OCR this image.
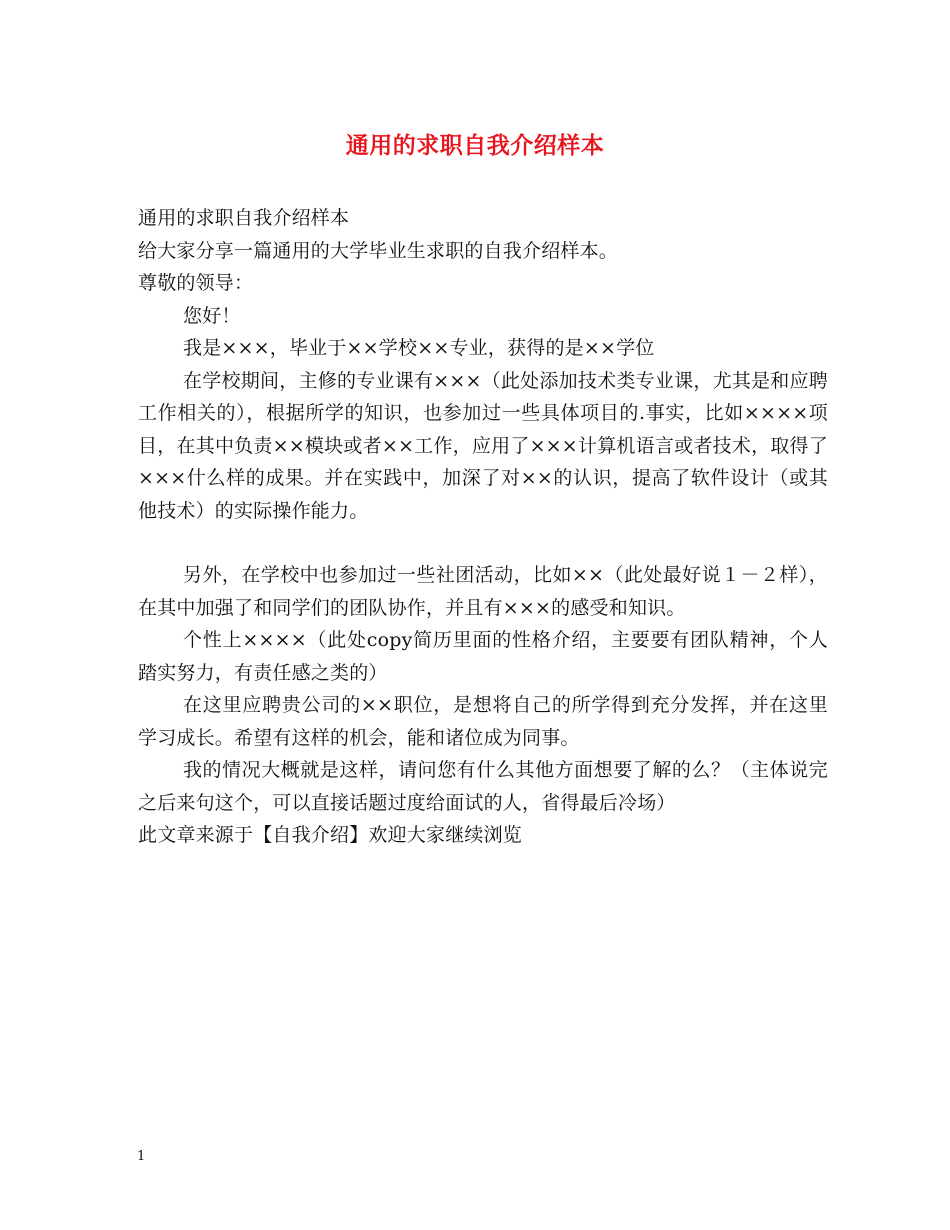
通用的求职自我介绍样本

通用的求职自我介绍样本

给大家分享一篇通用的大学毕业生求职的自我介绍样本。

尊敬的领导：

您好！

我是×××，毕业于××学校××专业，获得的是××学位

在学校期间，主修的专业课有×××（此处添加技术类专业课，尤其是和应聘工作相关的），根据所学的知识，也参加过一些具体项目的.事实，比如××××项目，在其中负责××模块或者××工作，应用了×××计算机语言或者技术，取得了×××什么样的成果。并在实践中，加深了对××的认识，提高了软件设计（或其他技术）的实际操作能力。

另外，在学校中也参加过一些社团活动，比如××（此处最好说１－２样），在其中加强了和同学们的团队协作，并且有×××的感受和知识。

个性上××××（此处copy简历里面的性格介绍，主要要有团队精神，个人踏实努力，有责任感之类的）

在这里应聘贵公司的××职位，是想将自己的所学得到充分发挥，并在这里学习成长。希望有这样的机会，能和诸位成为同事。

我的情况大概就是这样，请问您有什么其他方面想要了解的么？（主体说完之后来句这个，可以直接话题过度给面试的人，省得最后冷场）

此文章来源于【自我介绍】欢迎大家继续浏览

1
